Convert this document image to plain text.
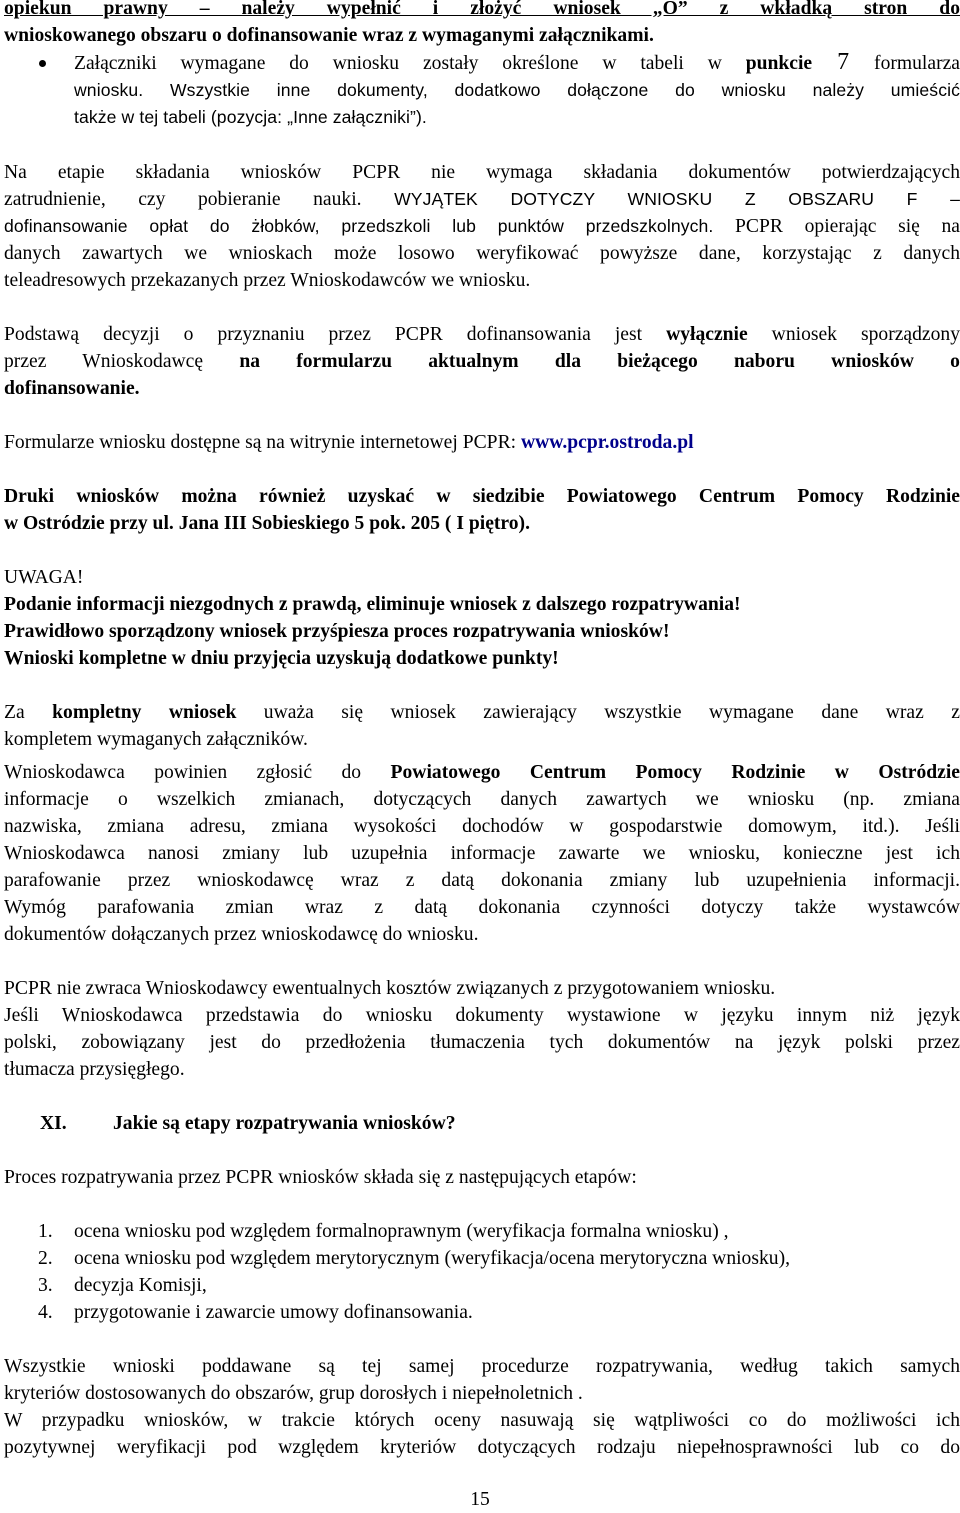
opiekun prawny – należy wypełnić i złożyć wniosek „O” z wkładką stron do
wnioskowanego obszaru o dofinansowanie wraz z wymaganymi załącznikami.
Załączniki wymagane do wniosku zostały określone w tabeli w punkcie 7 formularza
wniosku. Wszystkie inne dokumenty, dodatkowo dołączone do wniosku należy umieścić
także w tej tabeli (pozycja: „Inne załączniki”).
Na etapie składania wniosków PCPR nie wymaga składania dokumentów potwierdzających
zatrudnienie, czy pobieranie nauki. WYJĄTEK DOTYCZY WNIOSKU Z OBSZARU F –
dofinansowanie opłat do żłobków, przedszkoli lub punktów przedszkolnych. PCPR opierając się na
danych zawartych we wnioskach może losowo weryfikować powyższe dane, korzystając z danych
teleadresowych przekazanych przez Wnioskodawców we wniosku.
Podstawą decyzji o przyznaniu przez PCPR dofinansowania jest wyłącznie wniosek sporządzony
przez Wnioskodawcę na formularzu aktualnym dla bieżącego naboru wniosków o
dofinansowanie.
Formularze wniosku dostępne są na witrynie internetowej PCPR: www.pcpr.ostroda.pl
Druki wniosków można również uzyskać w siedzibie Powiatowego Centrum Pomocy Rodzinie
w Ostródzie przy ul. Jana III Sobieskiego 5 pok. 205 ( I piętro).
UWAGA!
Podanie informacji niezgodnych z prawdą, eliminuje wniosek z dalszego rozpatrywania!
Prawidłowo sporządzony wniosek przyśpiesza proces rozpatrywania wniosków!
Wnioski kompletne w dniu przyjęcia uzyskują dodatkowe punkty!
Za kompletny wniosek uważa się wniosek zawierający wszystkie wymagane dane wraz z
kompletem wymaganych załączników.
Wnioskodawca powinien zgłosić do Powiatowego Centrum Pomocy Rodzinie w Ostródzie
informacje o wszelkich zmianach, dotyczących danych zawartych we wniosku (np. zmiana
nazwiska, zmiana adresu, zmiana wysokości dochodów w gospodarstwie domowym, itd.). Jeśli
Wnioskodawca nanosi zmiany lub uzupełnia informacje zawarte we wniosku, konieczne jest ich
parafowanie przez wnioskodawcę wraz z datą dokonania zmiany lub uzupełnienia informacji.
Wymóg parafowania zmian wraz z datą dokonania czynności dotyczy także wystawców
dokumentów dołączanych przez wnioskodawcę do wniosku.
PCPR nie zwraca Wnioskodawcy ewentualnych kosztów związanych z przygotowaniem wniosku.
Jeśli Wnioskodawca przedstawia do wniosku dokumenty wystawione w języku innym niż język
polski, zobowiązany jest do przedłożenia tłumaczenia tych dokumentów na język polski przez
tłumacza przysięgłego.
XI.	Jakie są etapy rozpatrywania wniosków?
Proces rozpatrywania przez PCPR wniosków składa się z następujących etapów:
1.	ocena wniosku pod względem formalnoprawnym (weryfikacja formalna wniosku) ,
2.	ocena wniosku pod względem merytorycznym (weryfikacja/ocena merytoryczna wniosku),
3.	decyzja Komisji,
4.	przygotowanie i zawarcie umowy dofinansowania.
Wszystkie wnioski poddawane są tej samej procedurze rozpatrywania, według takich samych
kryteriów dostosowanych do obszarów, grup dorosłych i niepełnoletnich .
W przypadku wniosków, w trakcie których oceny nasuwają się wątpliwości co do możliwości ich
pozytywnej weryfikacji pod względem kryteriów dotyczących rodzaju niepełnosprawności lub co do
15
